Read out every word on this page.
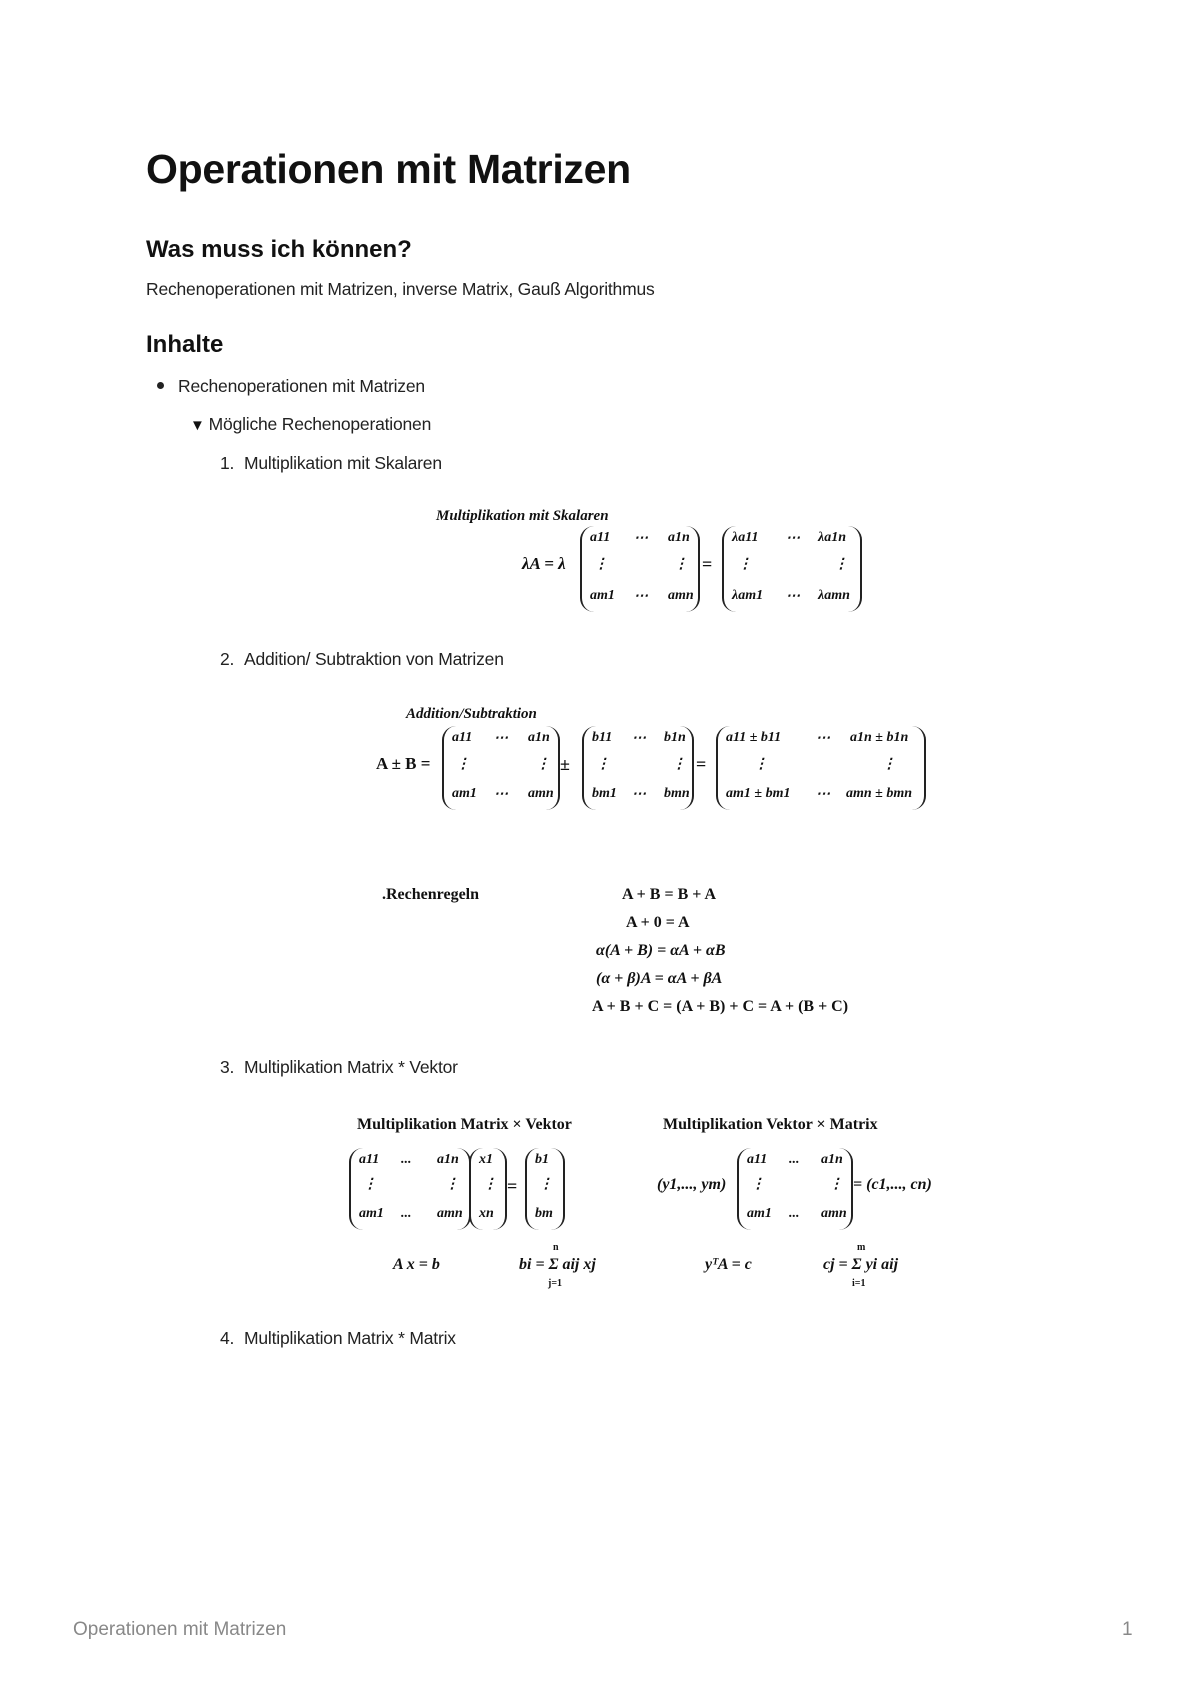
Operationen mit Matrizen
Was muss ich können?
Rechenoperationen mit Matrizen, inverse Matrix, Gauß Algorithmus
Inhalte
Rechenoperationen mit Matrizen
▼ Mögliche Rechenoperationen
1. Multiplikation mit Skalaren
Multiplikation mit Skalaren
λA = λ
a11 ⋯ a1n
⋮	⋮
am1 ⋯ amn
=
λa11 ⋯ λa1n
⋮	⋮
λam1 ⋯ λamn
2. Addition/ Subtraktion von Matrizen
Addition/Subtraktion
A ± B =
a11 ⋯ a1n
⋮	⋮
am1 ⋯ amn
±
b11 ⋯ b1n
⋮	⋮
bm1 ⋯ bmn
=
a11 ± b11 ⋯ a1n ± b1n
⋮	⋮
am1 ± bm1 ⋯ amn ± bmn
.Rechenregeln	A + B = B + A
A + 0 = A
α(A + B) = αA + αB
(α + β)A = αA + βA
A + B + C = (A + B) + C = A + (B + C)
3. Multiplikation Matrix * Vektor
Multiplikation Matrix × Vektor	Multiplikation Vektor × Matrix
a11 ... a1n
⋮	⋮
am1 ... amn
x1
⋮
xn
=
b1
⋮
bm
A x = b	bi = Σ aij xj
n
j=1
(y1,..., ym)
a11 ... a1n
⋮	⋮
am1 ... amn
= (c1,..., cn)
yᵀA = c	cj = Σ yi aij
m
i=1
4. Multiplikation Matrix * Matrix
Operationen mit Matrizen	1
